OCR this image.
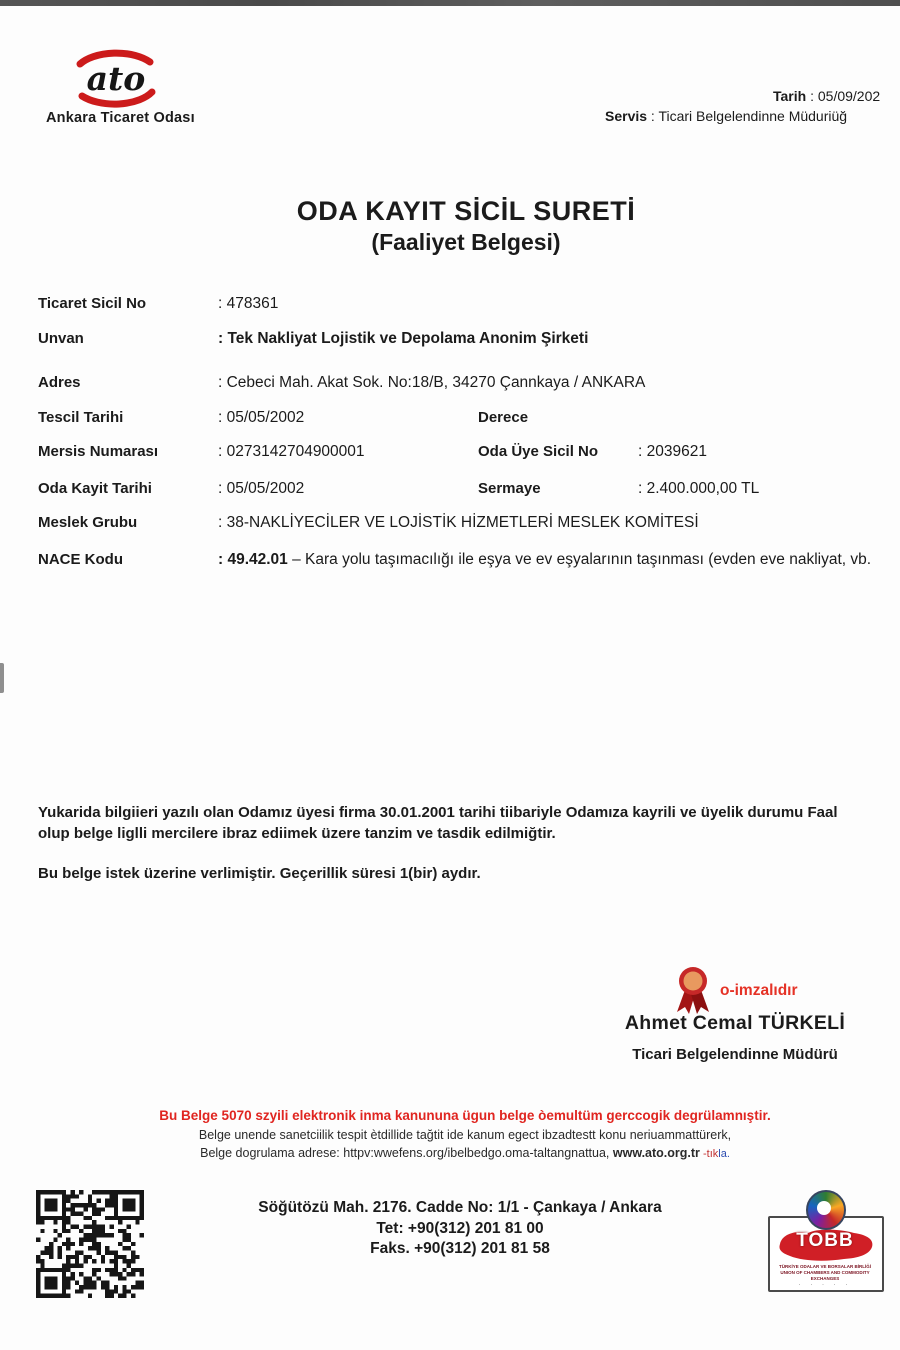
ato
Ankara Ticaret Odası
Tarih : 05/09/202
Servis : Ticari Belgelendinne Müduriüğ
ODA KAYIT SİCİL SURETİ
(Faaliyet Belgesi)
Ticaret Sicil No	: 478361
Unvan	: Tek Nakliyat Lojistik ve Depolama Anonim Şirketi
Adres	: Cebeci Mah. Akat Sok. No:18/B, 34270 Çannkaya / ANKARA
Tescil Tarihi	: 05/05/2002	Derece
Mersis Numarası	: 0273142704900001	Oda Üye Sicil No	: 2039621
Oda Kayit Tarihi	: 05/05/2002	Sermaye	: 2.400.000,00 TL
Meslek Grubu	: 38-NAKLİYECİLER VE LOJİSTİK HİZMETLERİ MESLEK KOMİTESİ
NACE Kodu	: 49.42.01 – Kara yolu taşımacılığı ile eşya ve ev eşyalarının taşınması (evden eve nakliyat, vb.
Yukarida bilgiieri yazılı olan Odamız üyesi firma 30.01.2001 tarihi tiibariyle Odamıza kayrili ve üyelik durumu Faal
olup belge liglli mercilere ibraz ediimek üzere tanzim ve tasdik edilmiğtir.
Bu belge istek üzerine verlimiştir. Geçerillik süresi 1(bir) aydır.
o-imzalıdır
Ahmet Cemal TÜRKELİ
Ticari Belgelendinne Müdürü
Bu Belge 5070 szyili elektronik inma kanununa ügun belge òemultüm gerccogik degrülamnıştir.
Belge unende sanetciilik tespit ètdillide tağtit ide kanum egect ibzadtestt konu neriuammattürerk,
Belge dogrulama adrese: httpv:wwefens.org/ibelbedgo.oma-taltangnattua, www.ato.org.tr -tıkla.
Söğütözü Mah. 2176. Cadde No: 1/1 - Çankaya / Ankara
Tet: +90(312) 201 81 00
Faks. +90(312) 201 81 58	TOBB
TÜRKİYE ODALAR VE BORSALAR BİRLİĞİ
UNION OF CHAMBERS AND COMMODITY EXCHANGES
· · · · ·
